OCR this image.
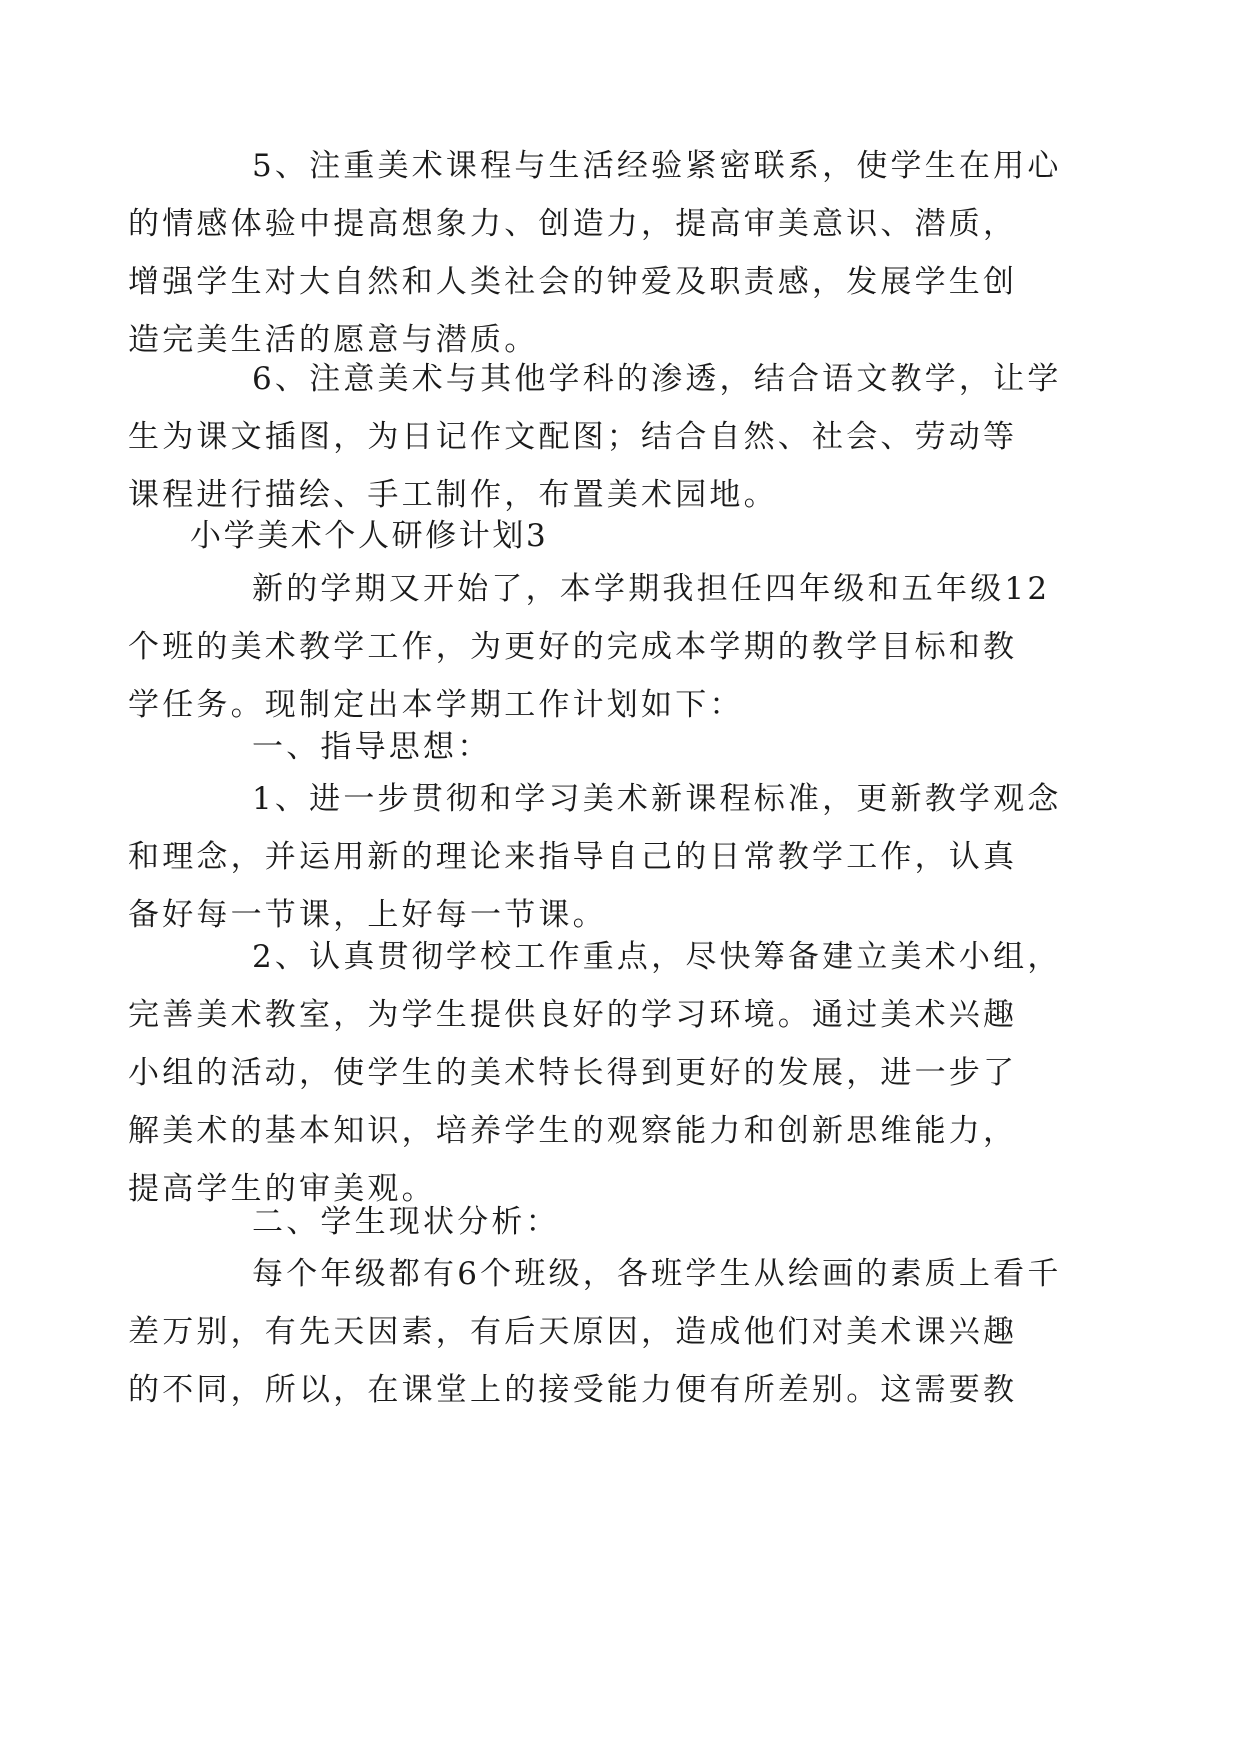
5、注重美术课程与生活经验紧密联系，使学生在用心
的情感体验中提高想象力、创造力，提高审美意识、潜质，
增强学生对大自然和人类社会的钟爱及职责感，发展学生创
造完美生活的愿意与潜质。
6、注意美术与其他学科的渗透，结合语文教学，让学
生为课文插图，为日记作文配图；结合自然、社会、劳动等
课程进行描绘、手工制作，布置美术园地。
小学美术个人研修计划3
新的学期又开始了，本学期我担任四年级和五年级12
个班的美术教学工作，为更好的完成本学期的教学目标和教
学任务。现制定出本学期工作计划如下：
一、指导思想：
1、进一步贯彻和学习美术新课程标准，更新教学观念
和理念，并运用新的理论来指导自己的日常教学工作，认真
备好每一节课，上好每一节课。
2、认真贯彻学校工作重点，尽快筹备建立美术小组，
完善美术教室，为学生提供良好的学习环境。通过美术兴趣
小组的活动，使学生的美术特长得到更好的发展，进一步了
解美术的基本知识，培养学生的观察能力和创新思维能力，
提高学生的审美观。
二、学生现状分析：
每个年级都有6个班级，各班学生从绘画的素质上看千
差万别，有先天因素，有后天原因，造成他们对美术课兴趣
的不同，所以，在课堂上的接受能力便有所差别。这需要教
